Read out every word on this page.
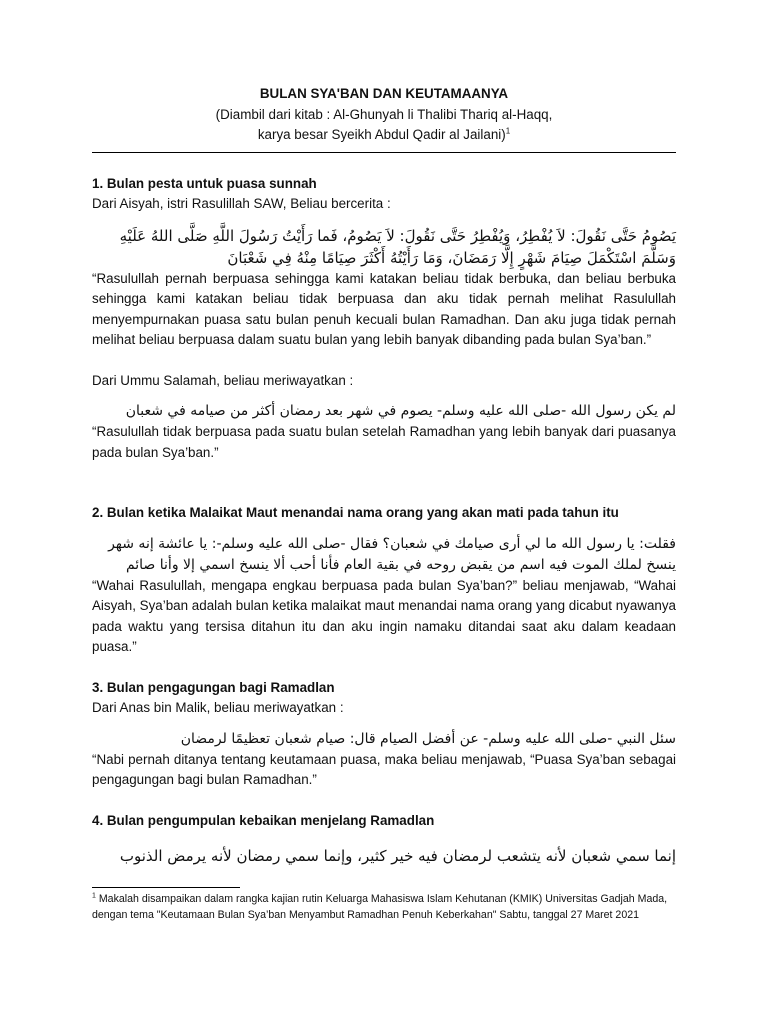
BULAN SYA'BAN DAN KEUTAMAANYA
(Diambil dari kitab : Al-Ghunyah li Thalibi Thariq al-Haqq,
karya besar Syeikh Abdul Qadir al Jailani)$^1$
1. Bulan pesta untuk puasa sunnah

Dari Aisyah, istri Rasulillah SAW, Beliau bercerita :

يَصُومُ حَتَّى نَقُولَ: لاَ يُفْطِرُ، وَيُفْطِرُ حَتَّى نَقُولَ: لاَ يَصُومُ، فَما رَأَيْتُ رَسُولَ اللَّهِ صَلَّى اللهُ عَلَيْهِ وَسَلَّمَ اسْتَكْمَلَ صِيَامَ شَهْرٍ إِلَّا رَمَضَانَ، وَمَا رَأَيْتُهُ أَكْثَرَ صِيَامًا مِنْهُ فِي شَعْبَانَ

“Rasulullah pernah berpuasa sehingga kami katakan beliau tidak berbuka, dan beliau berbuka sehingga kami katakan beliau tidak berpuasa dan aku tidak pernah melihat Rasulullah menyempurnakan puasa satu bulan penuh kecuali bulan Ramadhan. Dan aku juga tidak pernah melihat beliau berpuasa dalam suatu bulan yang lebih banyak dibanding pada bulan Sya’ban.”

Dari Ummu Salamah, beliau meriwayatkan :

لم يكن رسول الله -صلى الله عليه وسلم- يصوم في شهر بعد رمضان أكثر من صيامه في شعبان

“Rasulullah tidak berpuasa pada suatu bulan setelah Ramadhan yang lebih banyak dari puasanya pada bulan Sya’ban.”

2. Bulan ketika Malaikat Maut menandai nama orang yang akan mati pada tahun itu

فقلت: يا رسول الله ما لي أرى صيامك في شعبان؟ فقال -صلى الله عليه وسلم-: يا عائشة إنه شهر ينسخ لملك الموت فيه اسم من يقبض روحه في بقية العام فأنا أحب ألا ينسخ اسمي إلا وأنا صائم

“Wahai Rasulullah, mengapa engkau berpuasa pada bulan Sya’ban?” beliau menjawab, “Wahai Aisyah, Sya’ban adalah bulan ketika malaikat maut menandai nama orang yang dicabut nyawanya pada waktu yang tersisa ditahun itu dan aku ingin namaku ditandai saat aku dalam keadaan puasa.”

3. Bulan pengagungan bagi Ramadlan

Dari Anas bin Malik, beliau meriwayatkan :

سئل النبي -صلى الله عليه وسلم- عن أفضل الصيام قال: صيام شعبان تعظيمًا لرمضان

“Nabi pernah ditanya tentang keutamaan puasa, maka beliau menjawab, “Puasa Sya’ban sebagai pengagungan bagi bulan Ramadhan.”

4. Bulan pengumpulan kebaikan menjelang Ramadlan

إنما سمي شعبان لأنه يتشعب لرمضان فيه خير كثير، وإنما سمي رمضان لأنه يرمض الذنوب

$^1$ Makalah disampaikan dalam rangka kajian rutin Keluarga Mahasiswa Islam Kehutanan (KMIK) Universitas Gadjah Mada, dengan tema "Keutamaan Bulan Sya’ban Menyambut Ramadhan Penuh Keberkahan" Sabtu, tanggal 27 Maret 2021
